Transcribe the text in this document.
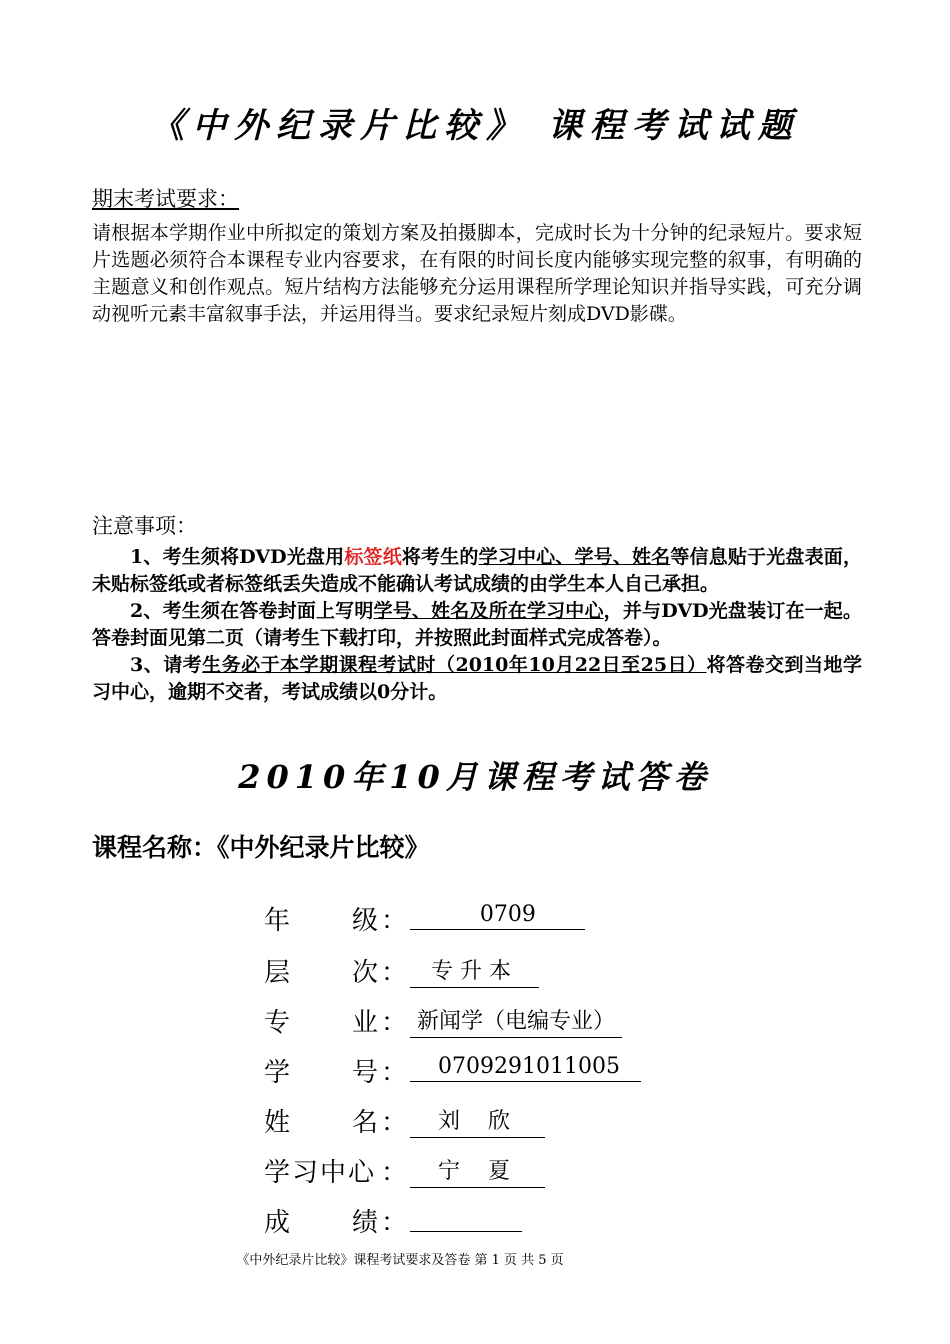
《中外纪录片比较》 课程考试试题
期末考试要求：
请根据本学期作业中所拟定的策划方案及拍摄脚本，完成时长为十分钟的纪录短片。要求短片选题必须符合本课程专业内容要求，在有限的时间长度内能够实现完整的叙事，有明确的主题意义和创作观点。短片结构方法能够充分运用课程所学理论知识并指导实践，可充分调动视听元素丰富叙事手法，并运用得当。要求纪录短片刻成DVD影碟。
注意事项：

1、考生须将DVD光盘用标签纸将考生的学习中心、学号、姓名等信息贴于光盘表面，未贴标签纸或者标签纸丢失造成不能确认考试成绩的由学生本人自己承担。

2、考生须在答卷封面上写明学号、姓名及所在学习中心，并与DVD光盘装订在一起。答卷封面见第二页（请考生下载打印，并按照此封面样式完成答卷）。

3、请考生务必于本学期课程考试时（2010年10月22日至25日）将答卷交到当地学习中心，逾期不交者，考试成绩以0分计。

2010年10月课程考试答卷
课程名称：《中外纪录片比较》
年 级 ： 0709
层 次 ： 专 升 本
专 业 ： 新闻学（电编专业）
学 号 ： 0709291011005
姓 名 ： 刘    欣
学习中心 ： 宁    夏
成 绩 ：

《中外纪录片比较》课程考试要求及答卷 第 1 页 共 5 页
